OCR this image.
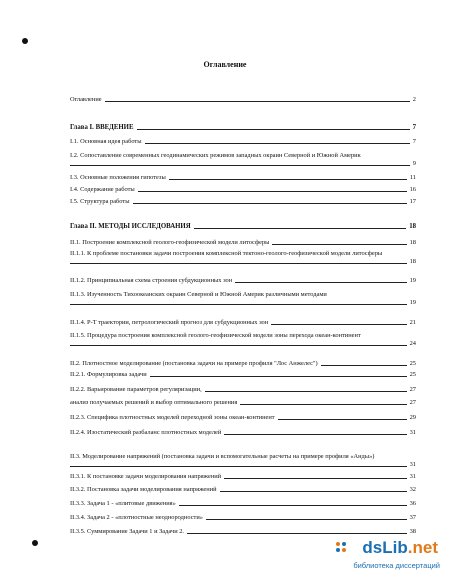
Оглавление
Оглавление	2
Глава I. ВВЕДЕНИЕ	7
I.1. Основная идея работы	7
I.2. Сопоставление современных геодинамических режимов западных окраин Северной и Южной Америк
9
I.3. Основные положения гипотезы	11
I.4. Содержание работы	16
I.5. Структура работы	17
Глава II. МЕТОДЫ ИССЛЕДОВАНИЯ	18
II.1. Построение комплексной геолого-геофизической модели литосферы	18
II.1.1. К проблеме постановки задачи построения комплексной тектоно-геолого-геофизической модели литосферы
18
II.1.2. Принципиальная схема строения субдукционных зон	19
II.1.3. Изученность Тихоокеанских окраин Северной и Южной Америк различными методами
19
II.1.4. P-T траектории, петрологический прогноз для субдукционных зон	21
II.1.5. Процедура построения комплексной геолого-геофизической модели зоны перехода океан-континент
24
II.2. Плотностное моделирование (постановка задачи на примере профиля "Лос Анжелес")	25
II.2.1. Формулировка задачи	25
II.2.2. Варьирование параметров регуляризации,	27
анализ получаемых решений и выбор оптимального решения	27
II.2.3. Специфика плотностных моделей переходной зоны океан-континент	29
II.2.4. Изостатический разбаланс плотностных моделей	31
II.3. Моделирование напряжений (постановка задачи и вспомогательные расчеты на примере профиля «Анды»)
31
II.3.1. К постановке задачи моделирования напряжений	31
II.3.2. Постановка задачи моделирования напряжений	32
II.3.3. Задача 1 - «плитовые движения»	36
II.3.4. Задача 2 - «плотностные неоднородности»	37
II.3.5. Суммирование Задачи 1 и Задачи 2.	38
dsLib.net
библиотека диссертаций
